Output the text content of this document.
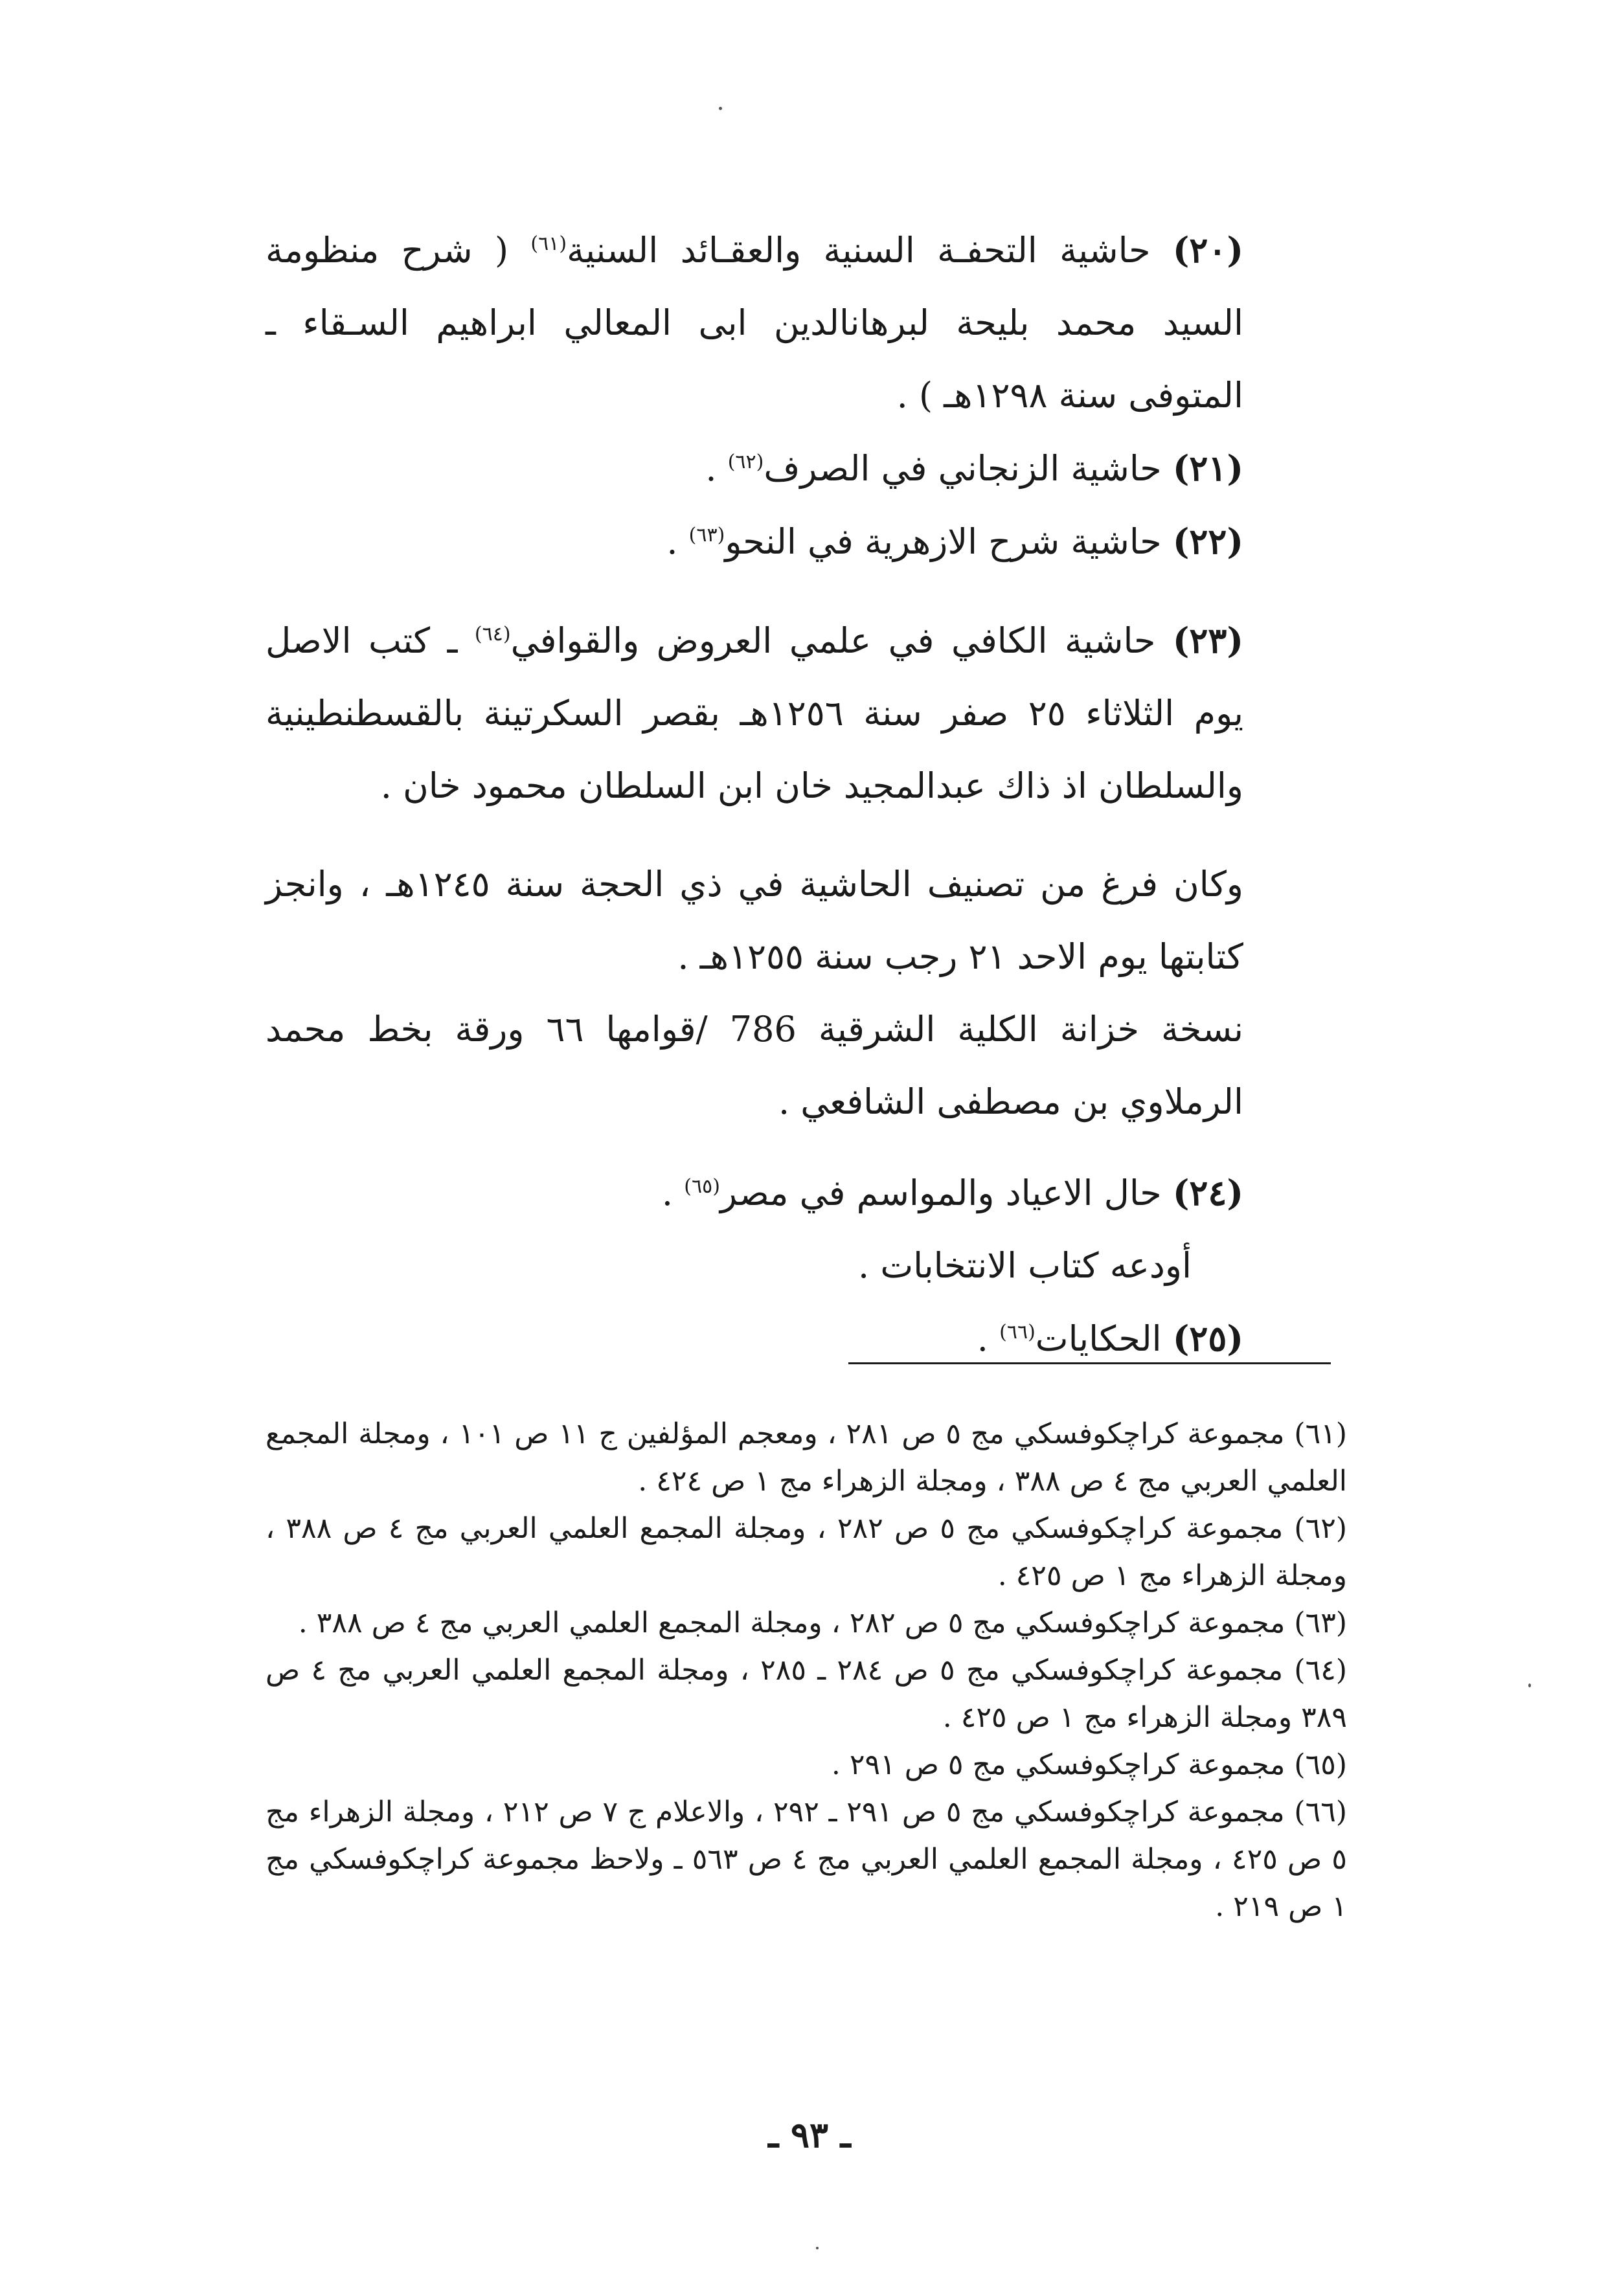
(٢٠) حاشية التحفـة السنية والعقـائد السنية$^{(٦١)}$ ( شرح منظومة السيد محمد بليحة لبرهانالدين ابى المعالي ابراهيم السـقاء ـ المتوفى سنة ١٢٩٨هـ ) .

(٢١) حاشية الزنجاني في الصرف$^{(٦٢)}$ .

(٢٢) حاشية شرح الازهرية في النحو$^{(٦٣)}$ .

(٢٣) حاشية الكافي في علمي العروض والقوافي$^{(٦٤)}$ ـ كتب الاصل يوم الثلاثاء ٢٥ صفر سنة ١٢٥٦هـ بقصر السكرتينة بالقسطنطينية والسلطان اذ ذاك عبدالمجيد خان ابن السلطان محمود خان .

وكان فرغ من تصنيف الحاشية في ذي الحجة سنة ١٢٤٥هـ ، وانجز كتابتها يوم الاحد ٢١ رجب سنة ١٢٥٥هـ .

نسخة خزانة الكلية الشرقية 786 /قوامها ٦٦ ورقة بخط محمد الرملاوي بن مصطفى الشافعي .

(٢٤) حال الاعياد والمواسم في مصر$^{(٦٥)}$ .

أودعه كتاب الانتخابات .

(٢٥) الحكايات$^{(٦٦)}$ .

(٦١) مجموعة كراچكوفسكي مج ٥ ص ٢٨١ ، ومعجم المؤلفين ج ١١ ص ١٠١ ، ومجلة المجمع العلمي العربي مج ٤ ص ٣٨٨ ، ومجلة الزهراء مج ١ ص ٤٢٤ .

(٦٢) مجموعة كراچكوفسكي مج ٥ ص ٢٨٢ ، ومجلة المجمع العلمي العربي مج ٤ ص ٣٨٨ ، ومجلة الزهراء مج ١ ص ٤٢٥ .

(٦٣) مجموعة كراچكوفسكي مج ٥ ص ٢٨٢ ، ومجلة المجمع العلمي العربي مج ٤ ص ٣٨٨ .

(٦٤) مجموعة كراچكوفسكي مج ٥ ص ٢٨٤ ـ ٢٨٥ ، ومجلة المجمع العلمي العربي مج ٤ ص ٣٨٩ ومجلة الزهراء مج ١ ص ٤٢٥ .

(٦٥) مجموعة كراچكوفسكي مج ٥ ص ٢٩١ .

(٦٦) مجموعة كراچكوفسكي مج ٥ ص ٢٩١ ـ ٢٩٢ ، والاعلام ج ٧ ص ٢١٢ ، ومجلة الزهراء مج ٥ ص ٤٢٥ ، ومجلة المجمع العلمي العربي مج ٤ ص ٥٦٣ ـ ولاحظ مجموعة كراچكوفسكي مج ١ ص ٢١٩ .

ـ ٩٣ ـ
